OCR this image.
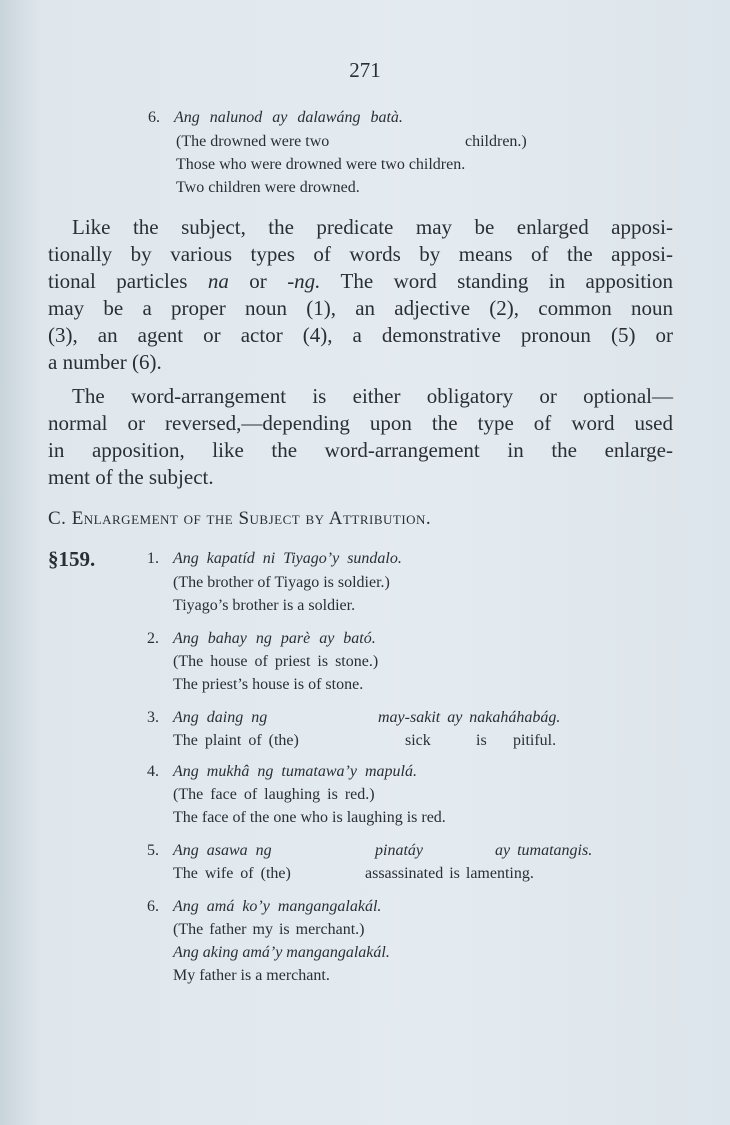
271
6. Ang nalunod ay dalawáng batà.
(The drowned were two	children.)
Those who were drowned were two children.
Two children were drowned.
Like the subject, the predicate may be enlarged apposi-
tionally by various types of words by means of the apposi-
tional particles na or -ng. The word standing in apposition
may be a proper noun (1), an adjective (2), common noun
(3), an agent or actor (4), a demonstrative pronoun (5) or
a number (6).
The word-arrangement is either obligatory or optional—
normal or reversed,—depending upon the type of word used
in apposition, like the word-arrangement in the enlarge-
ment of the subject.
C. Enlargement of the Subject by Attribution.
§159.	1. Ang kapatíd ni Tiyago’y sundalo.
(The brother of Tiyago is soldier.)
Tiyago’s brother is a soldier.
2. Ang bahay ng parè ay bató.
(The house of priest is stone.)
The priest’s house is of stone.
3. Ang daing ng	may-sakit ay nakaháhabág.
The plaint of (the)	sick	is pitiful.
4. Ang mukhâ ng tumatawa’y mapulá.
(The face of laughing is red.)
The face of the one who is laughing is red.
5. Ang asawa ng	pinatáy	ay tumatangis.
The wife of (the)	assassinated is lamenting.
6. Ang amá ko’y mangangalakál.
(The father my is merchant.)
Ang aking amá’y mangangalakál.
My father is a merchant.
